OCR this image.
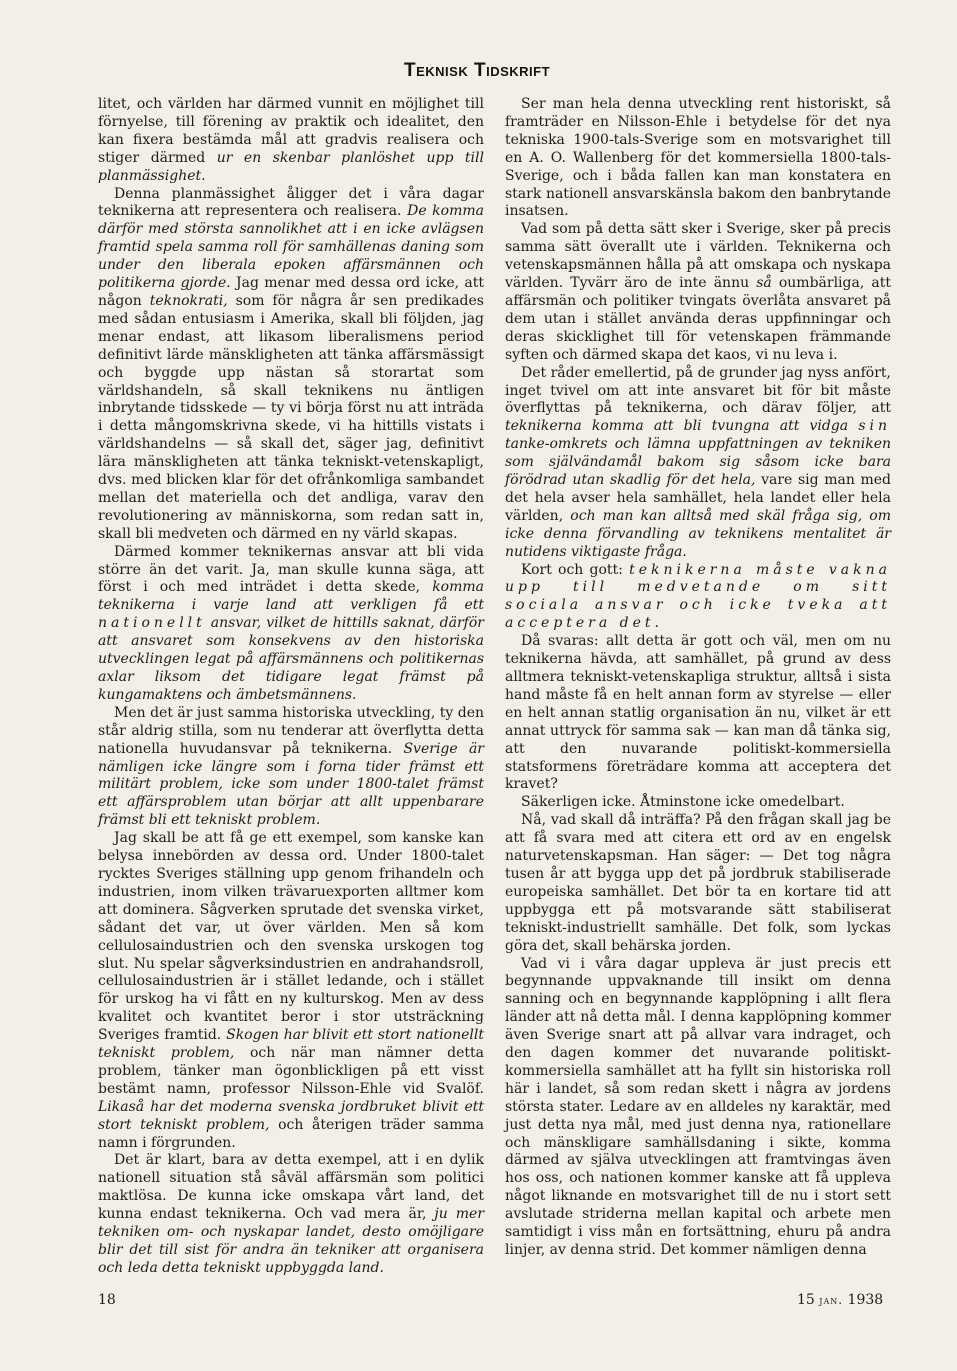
Teknisk Tidskrift

litet, och världen har därmed vunnit en möjlighet till förnyelse, till förening av praktik och idealitet, den kan fixera bestämda mål att gradvis realisera och stiger därmed ur en skenbar planlöshet upp till planmässighet.

Denna planmässighet åligger det i våra dagar teknikerna att representera och realisera. De komma därför med största sannolikhet att i en icke avlägsen framtid spela samma roll för samhällenas daning som under den liberala epoken affärsmännen och politikerna gjorde. Jag menar med dessa ord icke, att någon teknokrati, som för några år sen predikades med sådan entusiasm i Amerika, skall bli följden, jag menar endast, att likasom liberalismens period definitivt lärde mänskligheten att tänka affärsmässigt och byggde upp nästan så storartat som världshandeln, så skall teknikens nu äntligen inbrytande tidsskede — ty vi börja först nu att inträda i detta mångomskrivna skede, vi ha hittills vistats i världshandelns — så skall det, säger jag, definitivt lära mänskligheten att tänka tekniskt-vetenskapligt, dvs. med blicken klar för det ofrånkomliga sambandet mellan det materiella och det andliga, varav den revolutionering av människorna, som redan satt in, skall bli medveten och därmed en ny värld skapas.

Därmed kommer teknikernas ansvar att bli vida större än det varit. Ja, man skulle kunna säga, att först i och med inträdet i detta skede, komma teknikerna i varje land att verkligen få ett nationellt ansvar, vilket de hittills saknat, därför att ansvaret som konsekvens av den historiska utvecklingen legat på affärsmännens och politikernas axlar liksom det tidigare legat främst på kungamaktens och ämbetsmännens.

Men det är just samma historiska utveckling, ty den står aldrig stilla, som nu tenderar att överflytta detta nationella huvudansvar på teknikerna. Sverige är nämligen icke längre som i forna tider främst ett militärt problem, icke som under 1800-talet främst ett affärsproblem utan börjar att allt uppenbarare främst bli ett tekniskt problem.

Jag skall be att få ge ett exempel, som kanske kan belysa innebörden av dessa ord. Under 1800-talet rycktes Sveriges ställning upp genom frihandeln och industrien, inom vilken trävaruexporten alltmer kom att dominera. Sågverken sprutade det svenska virket, sådant det var, ut över världen. Men så kom cellulosaindustrien och den svenska urskogen tog slut. Nu spelar sågverksindustrien en andrahandsroll, cellulosaindustrien är i stället ledande, och i stället för urskog ha vi fått en ny kulturskog. Men av dess kvalitet och kvantitet beror i stor utsträckning Sveriges framtid. Skogen har blivit ett stort nationellt tekniskt problem, och när man nämner detta problem, tänker man ögonblickligen på ett visst bestämt namn, professor Nilsson-Ehle vid Svalöf. Likaså har det moderna svenska jordbruket blivit ett stort tekniskt problem, och återigen träder samma namn i förgrunden.

Det är klart, bara av detta exempel, att i en dylik nationell situation stå såväl affärsmän som politici maktlösa. De kunna icke omskapa vårt land, det kunna endast teknikerna. Och vad mera är, ju mer tekniken om- och nyskapar landet, desto omöjligare blir det till sist för andra än tekniker att organisera och leda detta tekniskt uppbyggda land.

Ser man hela denna utveckling rent historiskt, så framträder en Nilsson-Ehle i betydelse för det nya tekniska 1900-tals-Sverige som en motsvarighet till en A. O. Wallenberg för det kommersiella 1800-tals-Sverige, och i båda fallen kan man konstatera en stark nationell ansvarskänsla bakom den banbrytande insatsen.

Vad som på detta sätt sker i Sverige, sker på precis samma sätt överallt ute i världen. Teknikerna och vetenskapsmännen hålla på att omskapa och nyskapa världen. Tyvärr äro de inte ännu så oumbärliga, att affärsmän och politiker tvingats överlåta ansvaret på dem utan i stället använda deras uppfinningar och deras skicklighet till för vetenskapen främmande syften och därmed skapa det kaos, vi nu leva i.

Det råder emellertid, på de grunder jag nyss anfört, inget tvivel om att inte ansvaret bit för bit måste överflyttas på teknikerna, och därav följer, att teknikerna komma att bli tvungna att vidga sin tanke-omkrets och lämna uppfattningen av tekniken som självändamål bakom sig såsom icke bara förödrad utan skadlig för det hela, vare sig man med det hela avser hela samhället, hela landet eller hela världen, och man kan alltså med skäl fråga sig, om icke denna förvandling av teknikens mentalitet är nutidens viktigaste fråga.

Kort och gott: teknikerna måste vakna upp till medvetande om sitt sociala ansvar och icke tveka att acceptera det.

Då svaras: allt detta är gott och väl, men om nu teknikerna hävda, att samhället, på grund av dess alltmera tekniskt-vetenskapliga struktur, alltså i sista hand måste få en helt annan form av styrelse — eller en helt annan statlig organisation än nu, vilket är ett annat uttryck för samma sak — kan man då tänka sig, att den nuvarande politiskt-kommersiella statsformens företrädare komma att acceptera det kravet?

Säkerligen icke. Åtminstone icke omedelbart.

Nå, vad skall då inträffa? På den frågan skall jag be att få svara med att citera ett ord av en engelsk naturvetenskapsman. Han säger: — Det tog några tusen år att bygga upp det på jordbruk stabiliserade europeiska samhället. Det bör ta en kortare tid att uppbygga ett på motsvarande sätt stabiliserat tekniskt-industriellt samhälle. Det folk, som lyckas göra det, skall behärska jorden.

Vad vi i våra dagar uppleva är just precis ett begynnande uppvaknande till insikt om denna sanning och en begynnande kapplöpning i allt flera länder att nå detta mål. I denna kapplöpning kommer även Sverige snart att på allvar vara indraget, och den dagen kommer det nuvarande politiskt-kommersiella samhället att ha fyllt sin historiska roll här i landet, så som redan skett i några av jordens största stater. Ledare av en alldeles ny karaktär, med just detta nya mål, med just denna nya, rationellare och mänskligare samhällsdaning i sikte, komma därmed av själva utvecklingen att framtvingas även hos oss, och nationen kommer kanske att få uppleva något liknande en motsvarighet till de nu i stort sett avslutade striderna mellan kapital och arbete men samtidigt i viss mån en fortsättning, ehuru på andra linjer, av denna strid. Det kommer nämligen denna

18	15 jan. 1938
